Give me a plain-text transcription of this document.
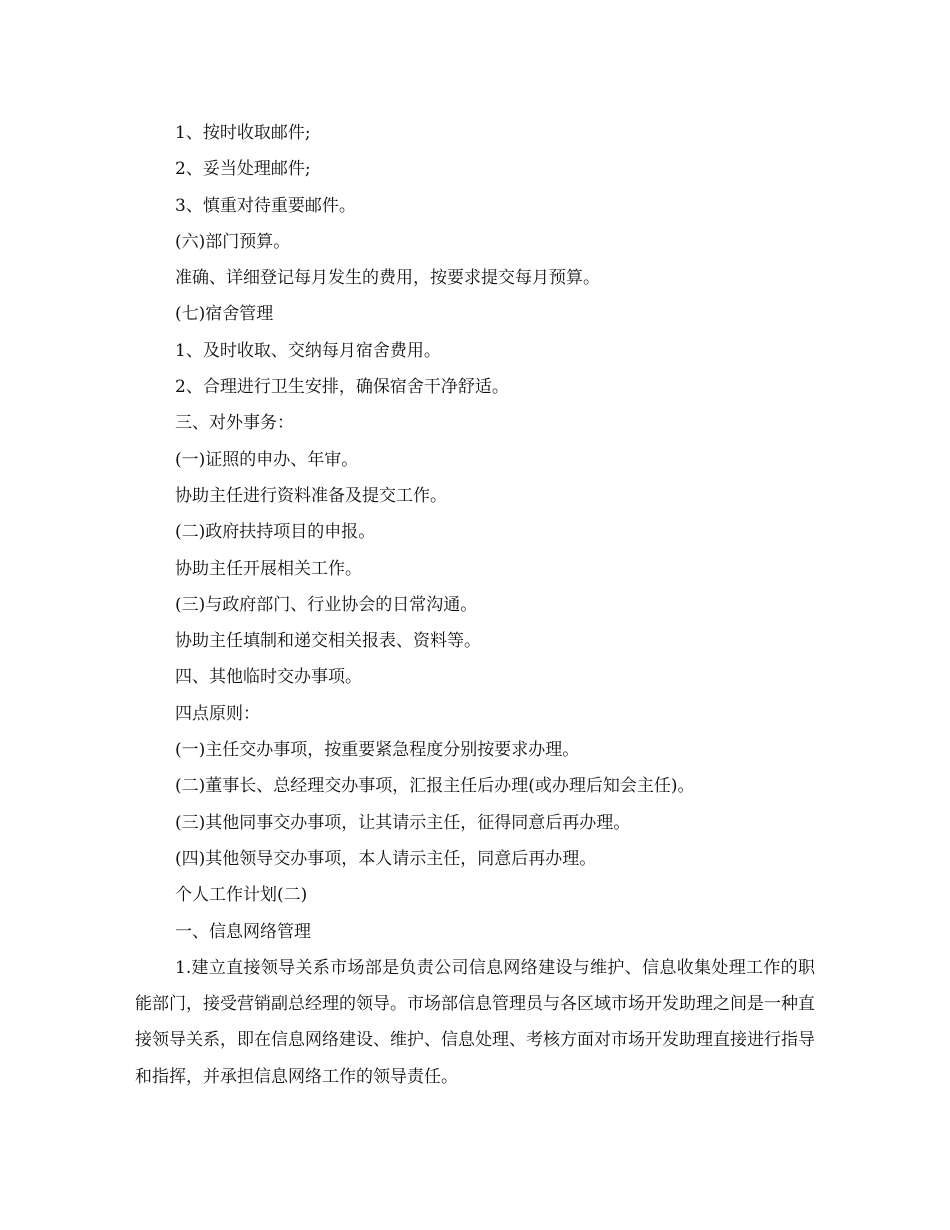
1、按时收取邮件;

2、妥当处理邮件;

3、慎重对待重要邮件。

(六)部门预算。

准确、详细登记每月发生的费用，按要求提交每月预算。

(七)宿舍管理

1、及时收取、交纳每月宿舍费用。

2、合理进行卫生安排，确保宿舍干净舒适。

三、对外事务：

(一)证照的申办、年审。

协助主任进行资料准备及提交工作。

(二)政府扶持项目的申报。

协助主任开展相关工作。

(三)与政府部门、行业协会的日常沟通。

协助主任填制和递交相关报表、资料等。

四、其他临时交办事项。

四点原则：

(一)主任交办事项，按重要紧急程度分别按要求办理。

(二)董事长、总经理交办事项，汇报主任后办理(或办理后知会主任)。

(三)其他同事交办事项，让其请示主任，征得同意后再办理。

(四)其他领导交办事项，本人请示主任，同意后再办理。

个人工作计划(二)

一、信息网络管理

1.建立直接领导关系市场部是负责公司信息网络建设与维护、信息收集处理工作的职能部门，接受营销副总经理的领导。市场部信息管理员与各区域市场开发助理之间是一种直接领导关系，即在信息网络建设、维护、信息处理、考核方面对市场开发助理直接进行指导和指挥，并承担信息网络工作的领导责任。
